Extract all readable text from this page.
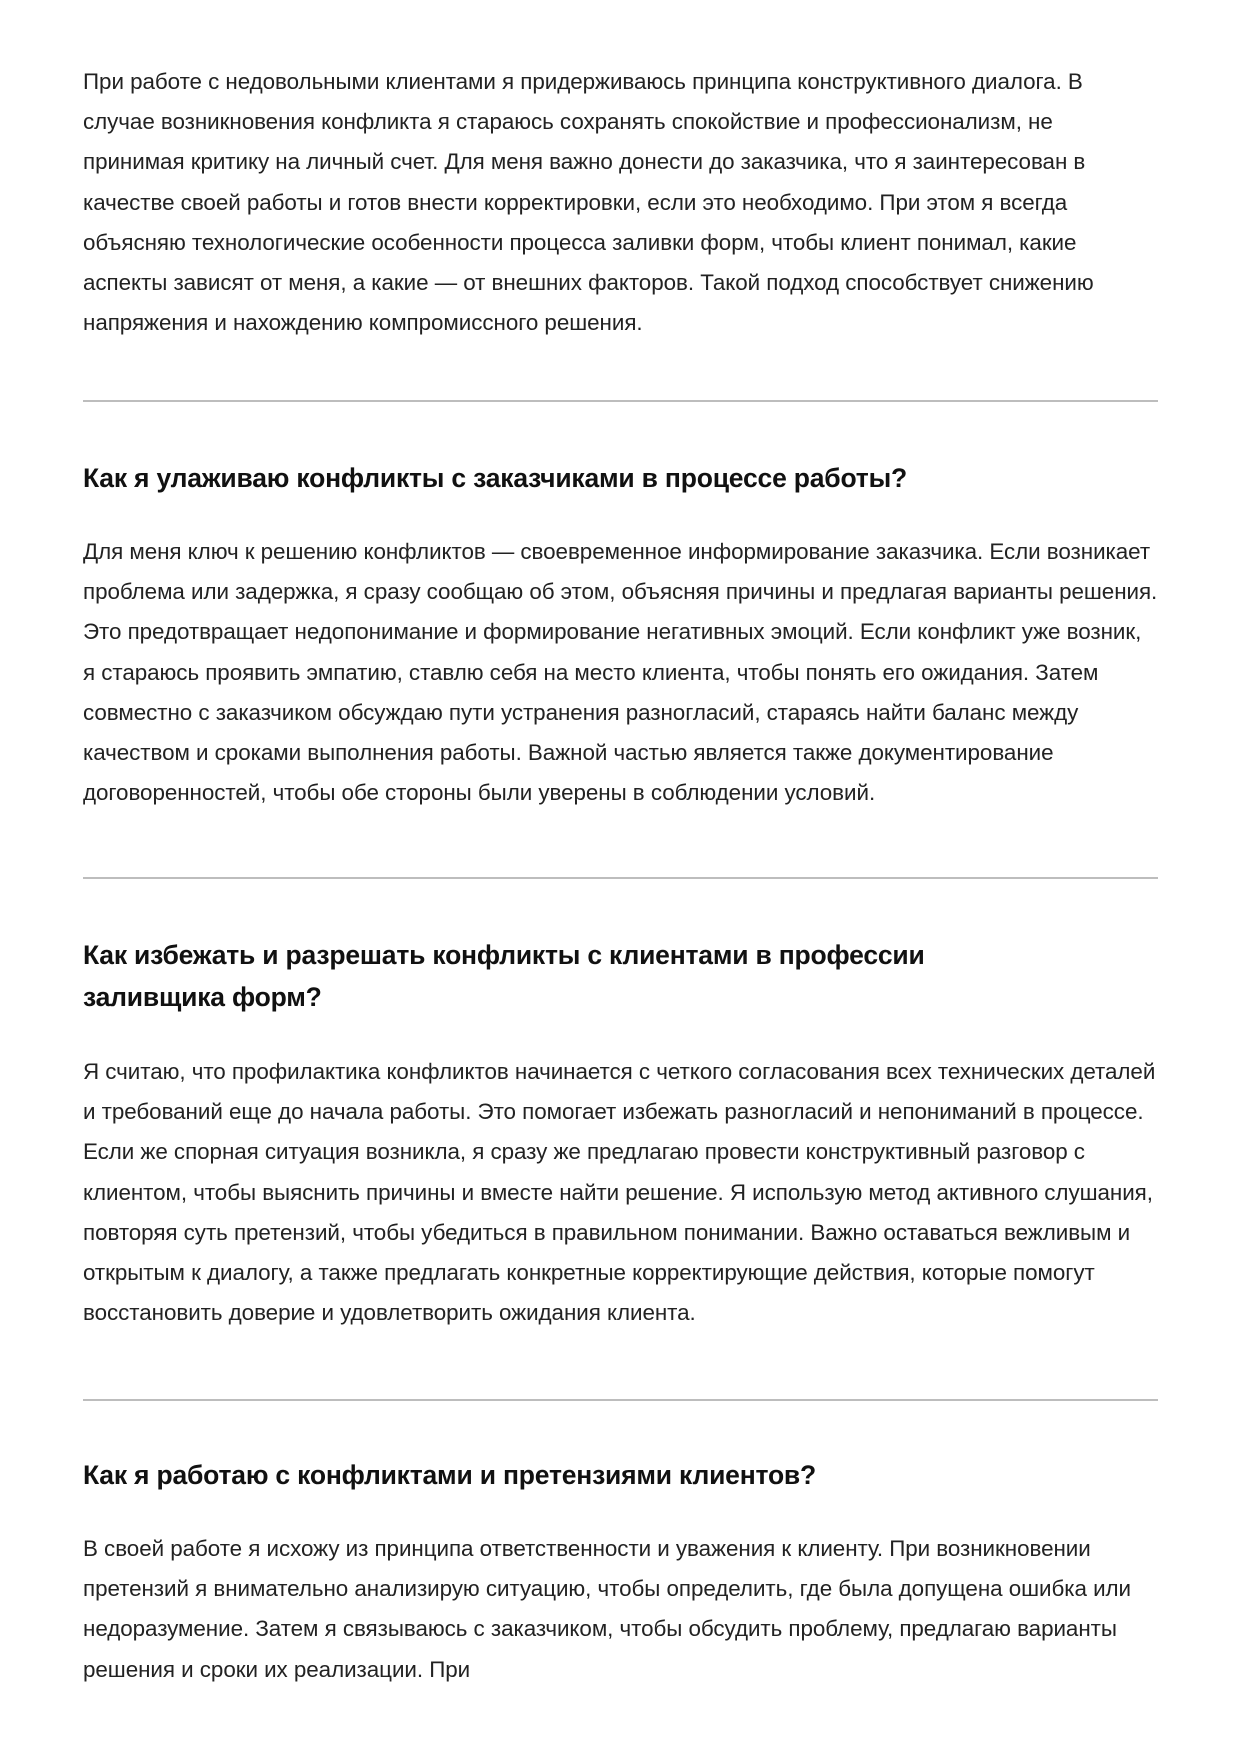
При работе с недовольными клиентами я придерживаюсь принципа конструктивного диалога. В случае возникновения конфликта я стараюсь сохранять спокойствие и профессионализм, не принимая критику на личный счет. Для меня важно донести до заказчика, что я заинтересован в качестве своей работы и готов внести корректировки, если это необходимо. При этом я всегда объясняю технологические особенности процесса заливки форм, чтобы клиент понимал, какие аспекты зависят от меня, а какие — от внешних факторов. Такой подход способствует снижению напряжения и нахождению компромиссного решения.

Как я улаживаю конфликты с заказчиками в процессе работы?

Для меня ключ к решению конфликтов — своевременное информирование заказчика. Если возникает проблема или задержка, я сразу сообщаю об этом, объясняя причины и предлагая варианты решения. Это предотвращает недопонимание и формирование негативных эмоций. Если конфликт уже возник, я стараюсь проявить эмпатию, ставлю себя на место клиента, чтобы понять его ожидания. Затем совместно с заказчиком обсуждаю пути устранения разногласий, стараясь найти баланс между качеством и сроками выполнения работы. Важной частью является также документирование договоренностей, чтобы обе стороны были уверены в соблюдении условий.

Как избежать и разрешать конфликты с клиентами в профессии заливщика форм?

Я считаю, что профилактика конфликтов начинается с четкого согласования всех технических деталей и требований еще до начала работы. Это помогает избежать разногласий и непониманий в процессе. Если же спорная ситуация возникла, я сразу же предлагаю провести конструктивный разговор с клиентом, чтобы выяснить причины и вместе найти решение. Я использую метод активного слушания, повторяя суть претензий, чтобы убедиться в правильном понимании. Важно оставаться вежливым и открытым к диалогу, а также предлагать конкретные корректирующие действия, которые помогут восстановить доверие и удовлетворить ожидания клиента.

Как я работаю с конфликтами и претензиями клиентов?

В своей работе я исхожу из принципа ответственности и уважения к клиенту. При возникновении претензий я внимательно анализирую ситуацию, чтобы определить, где была допущена ошибка или недоразумение. Затем я связываюсь с заказчиком, чтобы обсудить проблему, предлагаю варианты решения и сроки их реализации. При
